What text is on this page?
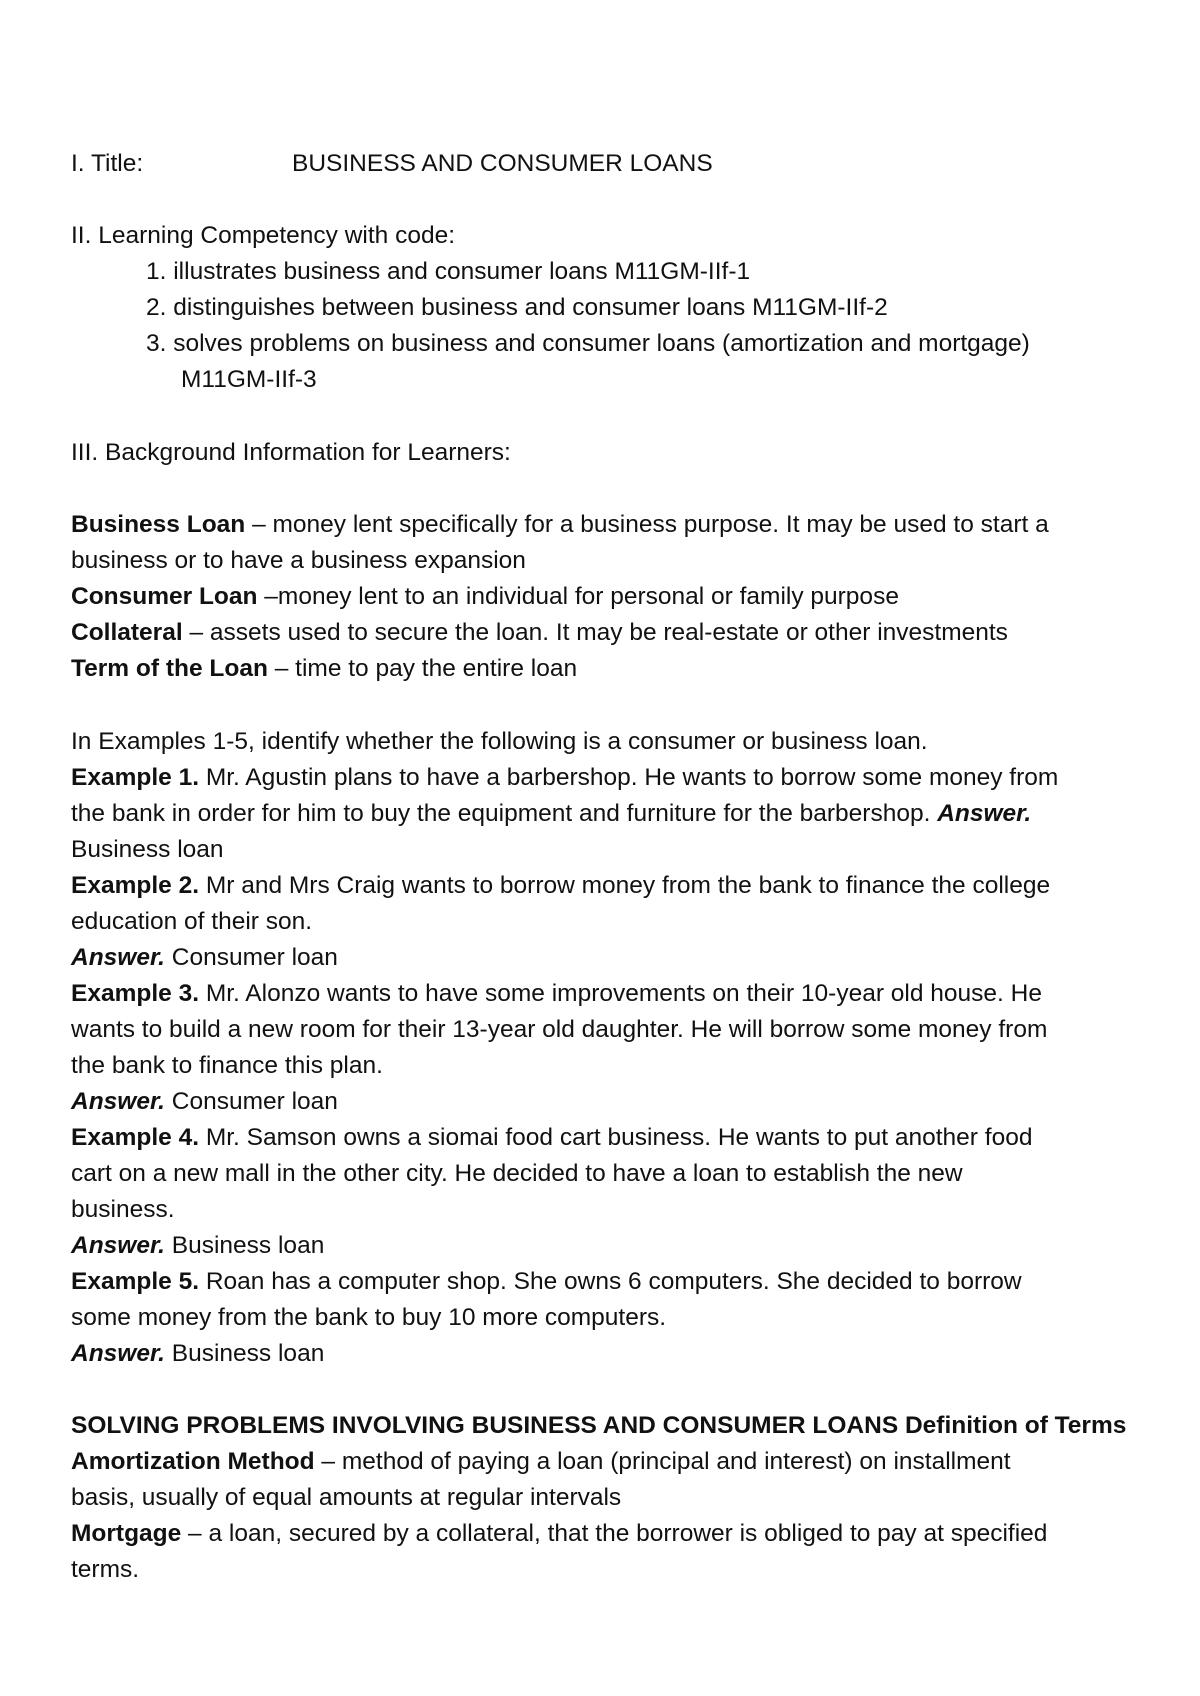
I. Title:	BUSINESS AND CONSUMER LOANS
II. Learning Competency with code:
1. illustrates business and consumer loans M11GM-IIf-1
2. distinguishes between business and consumer loans M11GM-IIf-2
3. solves problems on business and consumer loans (amortization and mortgage)
M11GM-IIf-3
III. Background Information for Learners:
Business Loan – money lent specifically for a business purpose. It may be used to start a
business or to have a business expansion
Consumer Loan –money lent to an individual for personal or family purpose
Collateral – assets used to secure the loan. It may be real-estate or other investments
Term of the Loan – time to pay the entire loan
In Examples 1-5, identify whether the following is a consumer or business loan.
Example 1. Mr. Agustin plans to have a barbershop. He wants to borrow some money from
the bank in order for him to buy the equipment and furniture for the barbershop. Answer.
Business loan
Example 2. Mr and Mrs Craig wants to borrow money from the bank to finance the college
education of their son.
Answer. Consumer loan
Example 3. Mr. Alonzo wants to have some improvements on their 10-year old house. He
wants to build a new room for their 13-year old daughter. He will borrow some money from
the bank to finance this plan.
Answer. Consumer loan
Example 4. Mr. Samson owns a siomai food cart business. He wants to put another food
cart on a new mall in the other city. He decided to have a loan to establish the new
business.
Answer. Business loan
Example 5. Roan has a computer shop. She owns 6 computers. She decided to borrow
some money from the bank to buy 10 more computers.
Answer. Business loan
SOLVING PROBLEMS INVOLVING BUSINESS AND CONSUMER LOANS Definition of Terms
Amortization Method – method of paying a loan (principal and interest) on installment
basis, usually of equal amounts at regular intervals
Mortgage – a loan, secured by a collateral, that the borrower is obliged to pay at specified
terms.
